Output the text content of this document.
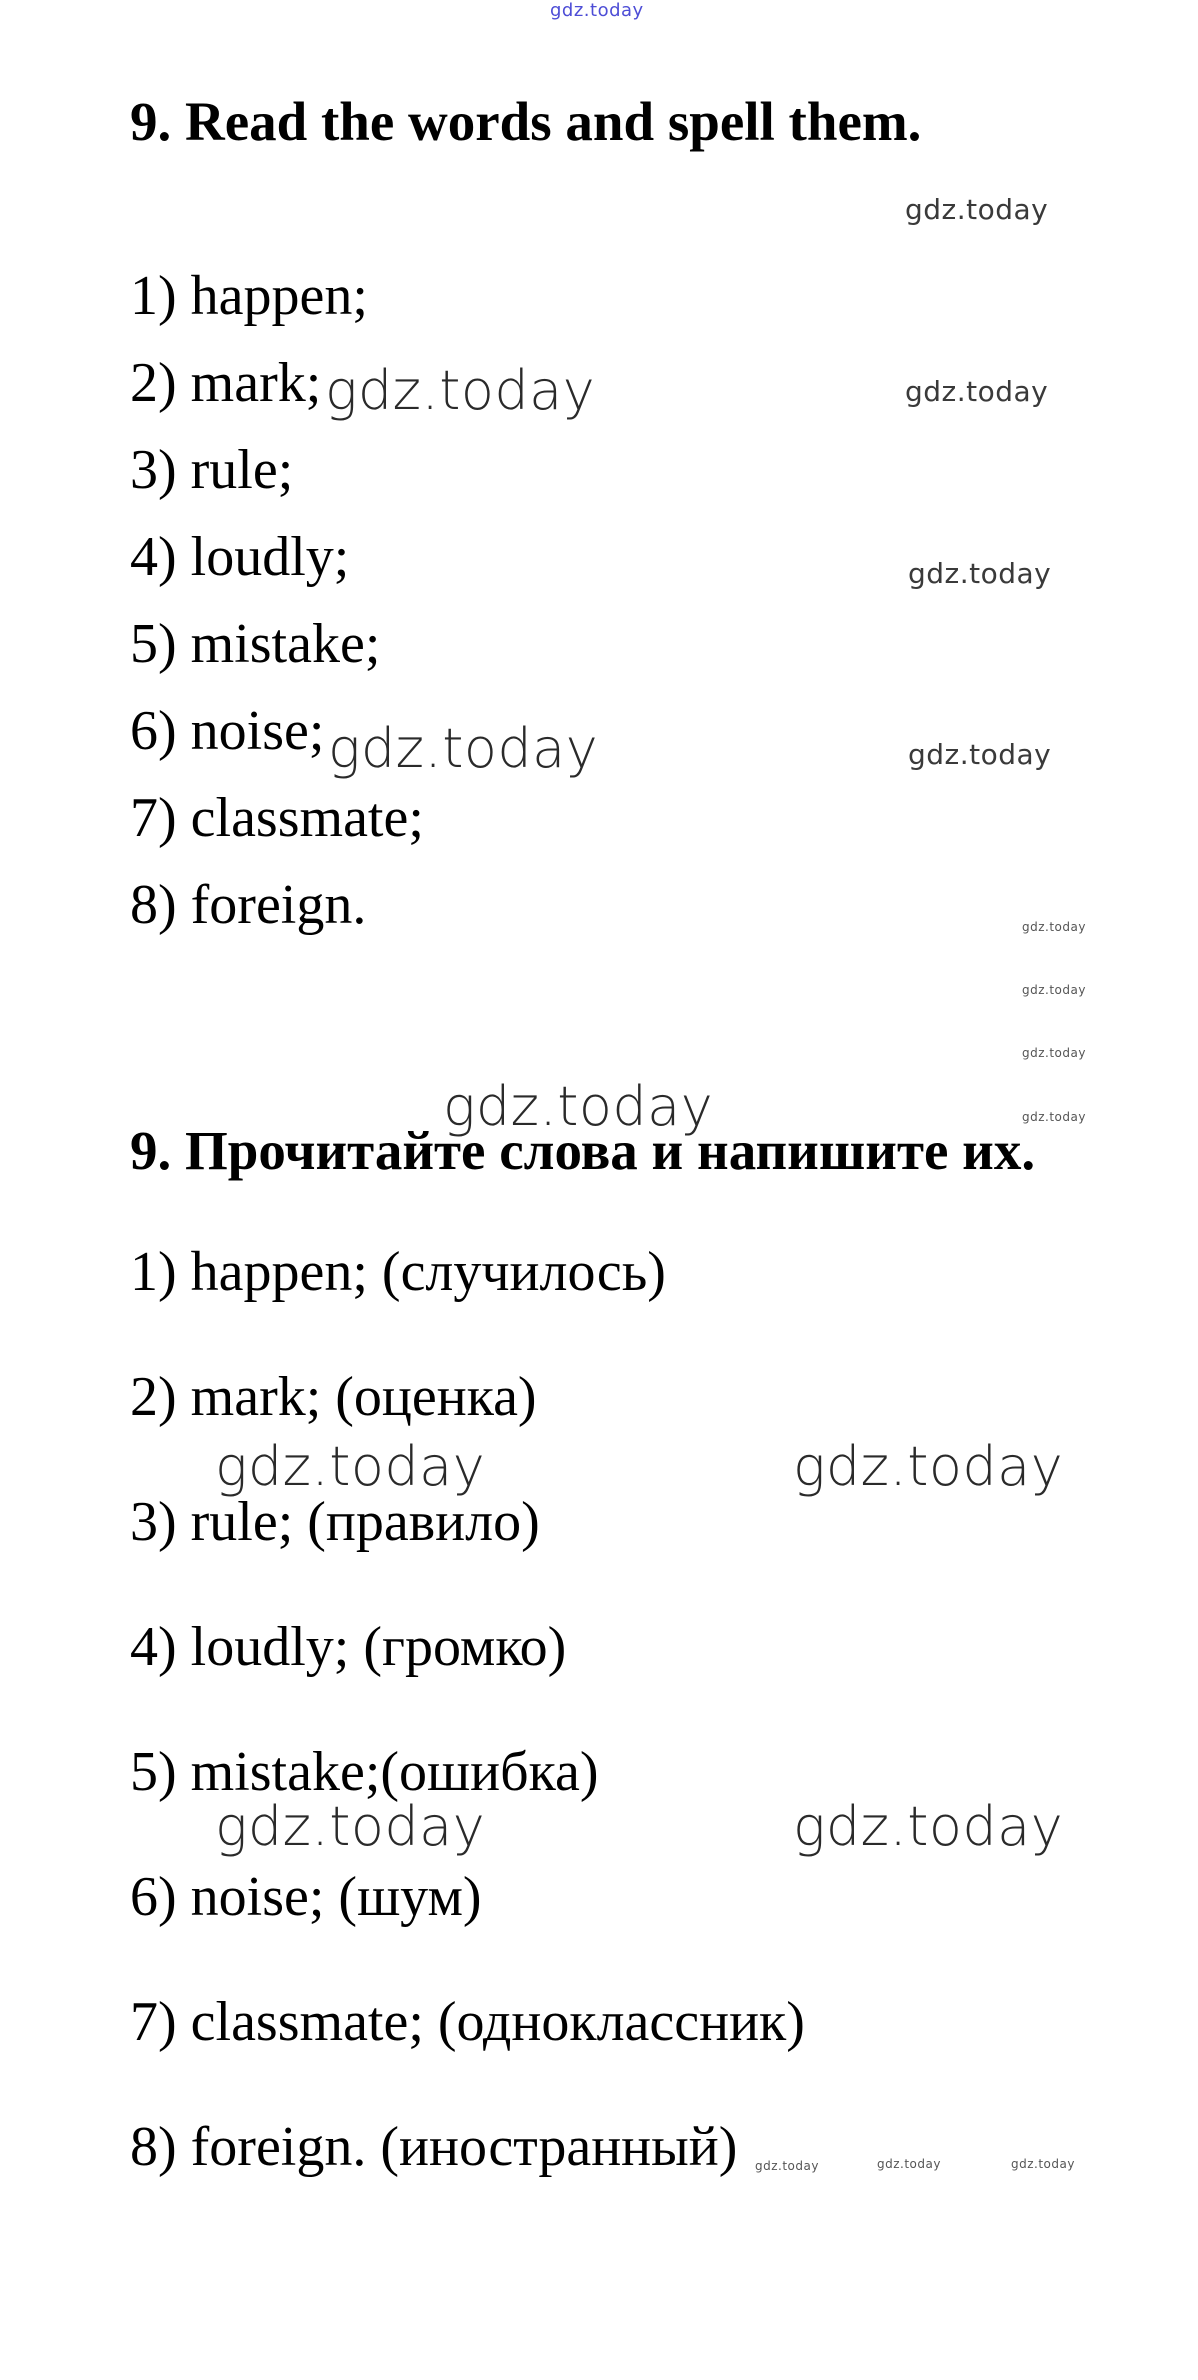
gdz.today
9. Read the words and spell them.
gdz.today
1) happen;
2) mark;
3) rule;
4) loudly;
5) mistake;
6) noise;
7) classmate;
8) foreign.
gdz.today	gdz.today
gdz.today
gdz.today	gdz.today
gdz.today
gdz.today
gdz.today
gdz.today
gdz.today
9. Прочитайте слова и напишите их.
1) happen; (случилось)
2) mark; (оценка)
3) rule; (правило)
4) loudly; (громко)
5) mistake;(ошибка)
6) noise; (шум)
7) classmate; (одноклассник)
8) foreign. (иностранный)
gdz.today	gdz.today
gdz.today	gdz.today
gdz.today	gdz.today	gdz.today
